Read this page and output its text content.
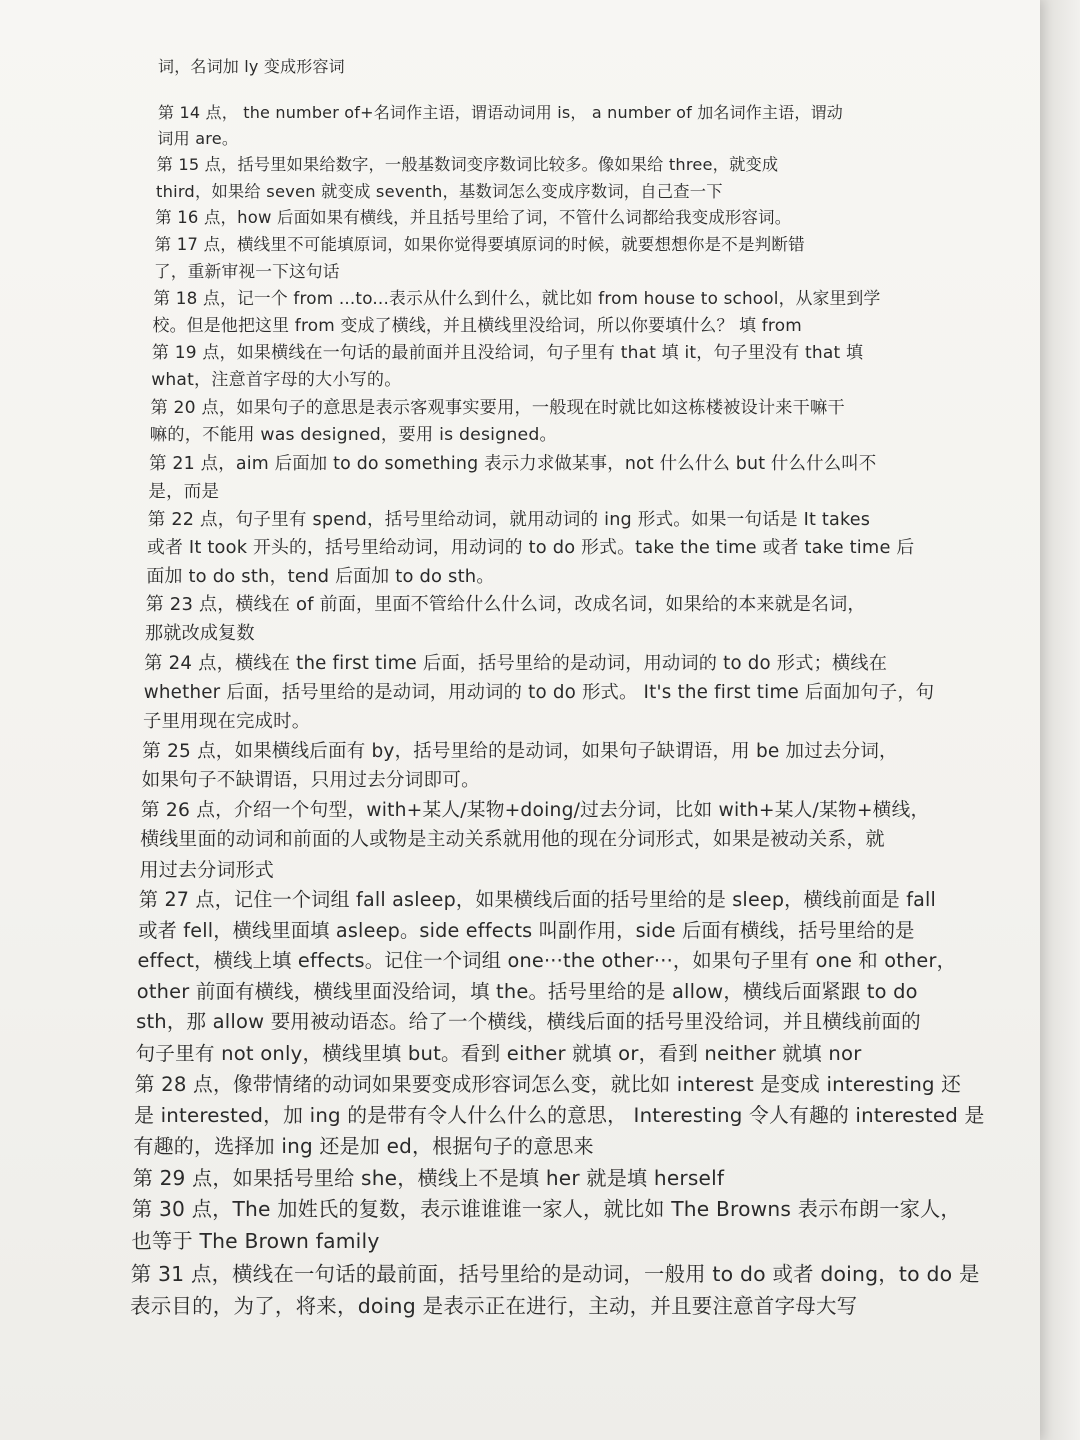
词，名词加 ly 变成形容词

第 14 点， the number of+名词作主语，谓语动词用 is， a number of 加名词作主语，谓动

词用 are。

第 15 点，括号里如果给数字，一般基数词变序数词比较多。像如果给 three，就变成

third，如果给 seven 就变成 seventh，基数词怎么变成序数词，自己查一下

第 16 点，how 后面如果有横线，并且括号里给了词，不管什么词都给我变成形容词。

第 17 点，横线里不可能填原词，如果你觉得要填原词的时候，就要想想你是不是判断错

了，重新审视一下这句话

第 18 点，记一个 from ...to...表示从什么到什么，就比如 from house to school，从家里到学

校。但是他把这里 from 变成了横线，并且横线里没给词，所以你要填什么？ 填 from

第 19 点，如果横线在一句话的最前面并且没给词，句子里有 that 填 it，句子里没有 that 填

what，注意首字母的大小写的。

第 20 点，如果句子的意思是表示客观事实要用，一般现在时就比如这栋楼被设计来干嘛干

嘛的，不能用 was designed，要用 is designed。

第 21 点，aim 后面加 to do something 表示力求做某事，not 什么什么 but 什么什么叫不

是，而是

第 22 点，句子里有 spend，括号里给动词，就用动词的 ing 形式。如果一句话是 It takes

或者 It took 开头的，括号里给动词，用动词的 to do 形式。take the time 或者 take time 后

面加 to do sth，tend 后面加 to do sth。

第 23 点，横线在 of 前面，里面不管给什么什么词，改成名词，如果给的本来就是名词，

那就改成复数

第 24 点，横线在 the first time 后面，括号里给的是动词，用动词的 to do 形式；横线在

whether 后面，括号里给的是动词，用动词的 to do 形式。 It's the first time 后面加句子，句

子里用现在完成时。

第 25 点，如果横线后面有 by，括号里给的是动词，如果句子缺谓语，用 be 加过去分词，

如果句子不缺谓语，只用过去分词即可。

第 26 点，介绍一个句型，with+某人/某物+doing/过去分词，比如 with+某人/某物+横线，

横线里面的动词和前面的人或物是主动关系就用他的现在分词形式，如果是被动关系，就

用过去分词形式

第 27 点，记住一个词组 fall asleep，如果横线后面的括号里给的是 sleep，横线前面是 fall

或者 fell，横线里面填 asleep。side effects 叫副作用，side 后面有横线，括号里给的是

effect，横线上填 effects。记住一个词组 one···the other···，如果句子里有 one 和 other，

other 前面有横线，横线里面没给词，填 the。括号里给的是 allow，横线后面紧跟 to do

sth，那 allow 要用被动语态。给了一个横线，横线后面的括号里没给词，并且横线前面的

句子里有 not only，横线里填 but。看到 either 就填 or，看到 neither 就填 nor

第 28 点，像带情绪的动词如果要变成形容词怎么变，就比如 interest 是变成 interesting 还

是 interested，加 ing 的是带有令人什么什么的意思， Interesting 令人有趣的 interested 是

有趣的，选择加 ing 还是加 ed，根据句子的意思来

第 29 点，如果括号里给 she，横线上不是填 her 就是填 herself

第 30 点，The 加姓氏的复数，表示谁谁谁一家人，就比如 The Browns 表示布朗一家人，

也等于 The Brown family

第 31 点，横线在一句话的最前面，括号里给的是动词，一般用 to do 或者 doing，to do 是

表示目的，为了，将来，doing 是表示正在进行，主动，并且要注意首字母大写
